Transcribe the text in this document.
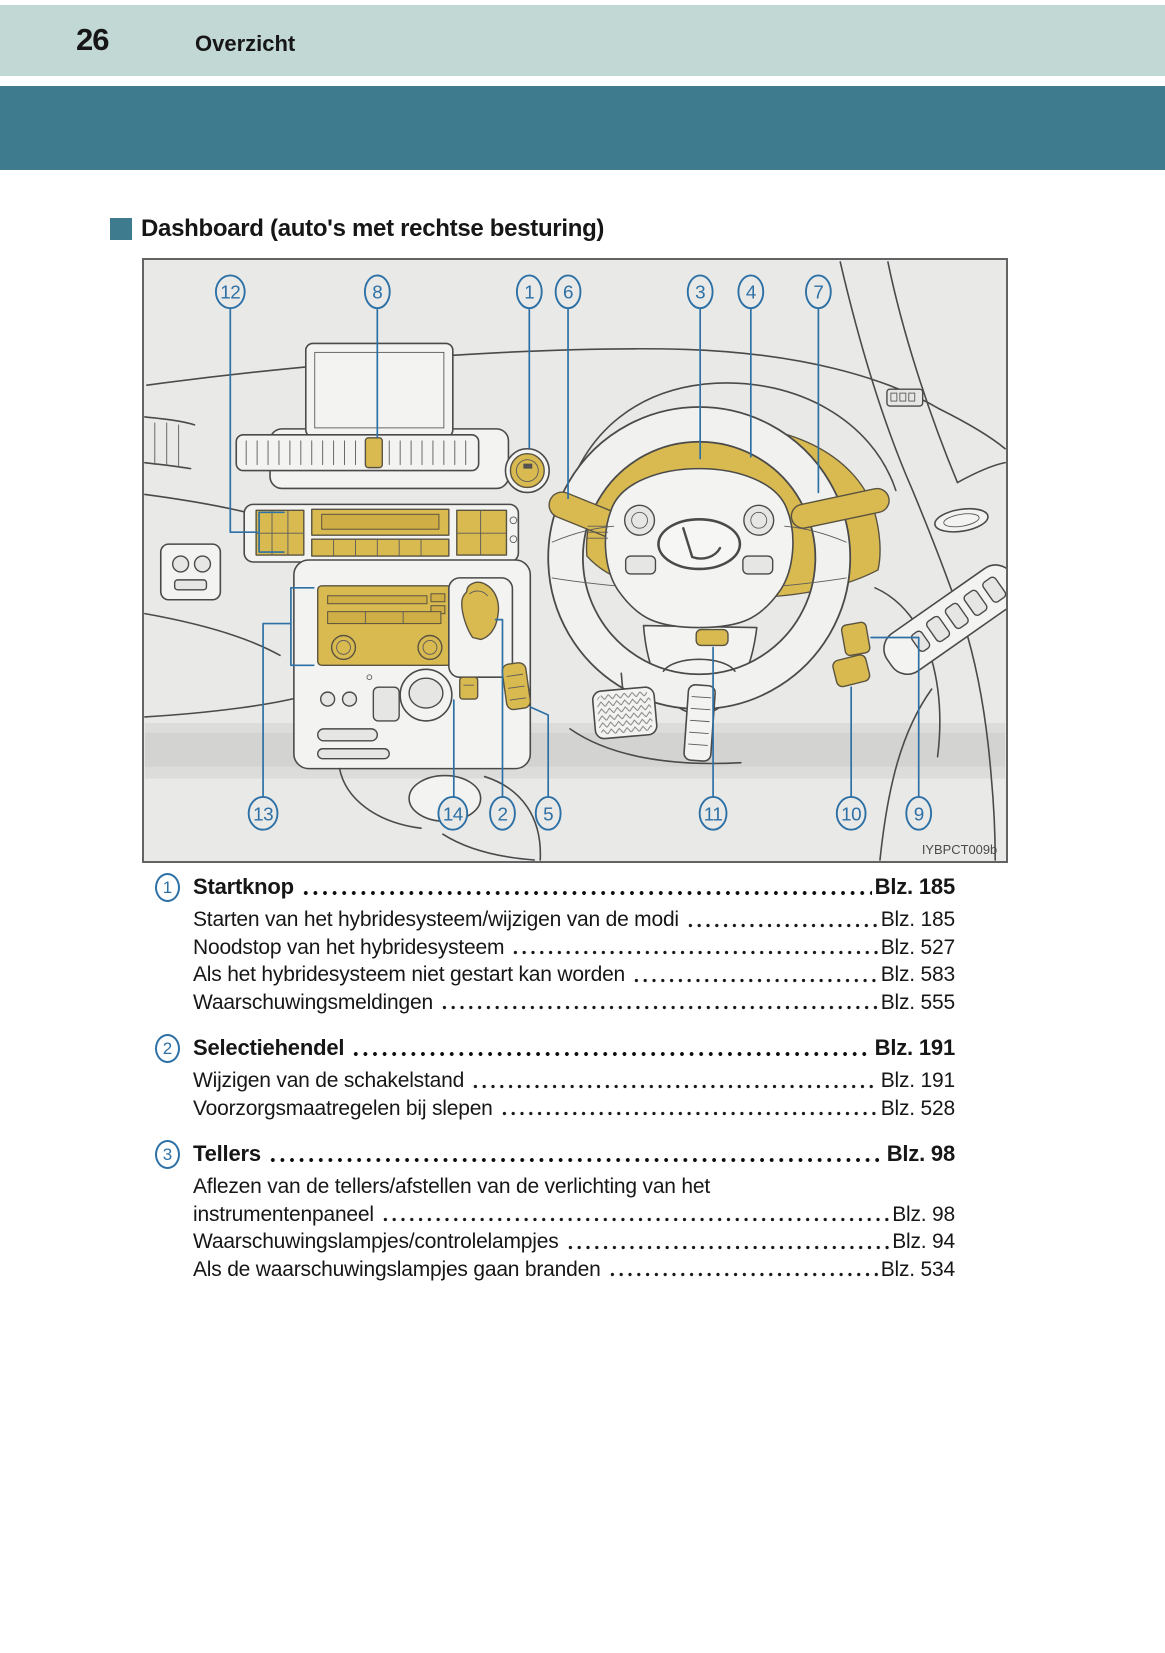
26	Overzicht
Dashboard (auto's met rechtse besturing)
12	8	1 6	3 4	7
13	14 2 5	11	10	9
IYBPCT009b
1 Startknop	Blz. 185
Starten van het hybridesysteem/wijzigen van de modi	Blz. 185
Noodstop van het hybridesysteem	Blz. 527
Als het hybridesysteem niet gestart kan worden	Blz. 583
Waarschuwingsmeldingen	Blz. 555
2 Selectiehendel	Blz. 191
Wijzigen van de schakelstand	Blz. 191
Voorzorgsmaatregelen bij slepen	Blz. 528
3 Tellers	Blz. 98
Aflezen van de tellers/afstellen van de verlichting van het
instrumentenpaneel	Blz. 98
Waarschuwingslampjes/controlelampjes	Blz. 94
Als de waarschuwingslampjes gaan branden	Blz. 534
